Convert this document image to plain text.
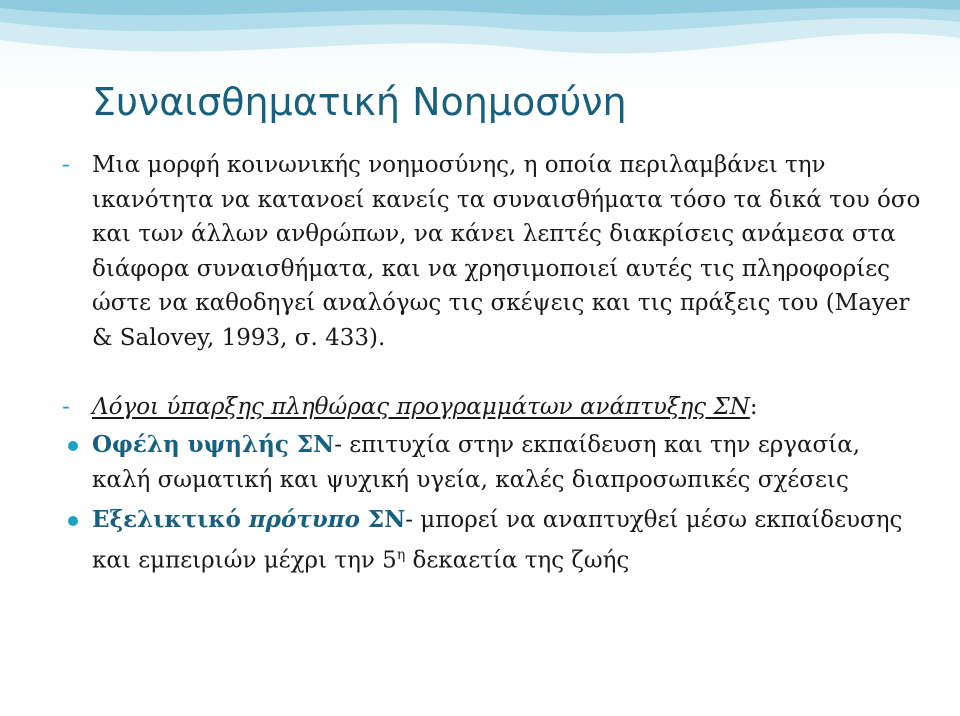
Συναισθηματική Νοημοσύνη
- Μια μορφή κοινωνικής νοημοσύνης, η οποία περιλαμβάνει την ικανότητα να κατανοεί κανείς τα συναισθήματα τόσο τα δικά του όσο και των άλλων ανθρώπων, να κάνει λεπτές διακρίσεις ανάμεσα στα διάφορα συναισθήματα, και να χρησιμοποιεί αυτές τις πληροφορίες ώστε να καθοδηγεί αναλόγως τις σκέψεις και τις πράξεις του (Mayer & Salovey, 1993, σ. 433).
- Λόγοι ύπαρξης πληθώρας προγραμμάτων ανάπτυξης ΣΝ:
Οφέλη υψηλής ΣΝ- επιτυχία στην εκπαίδευση και την εργασία, καλή σωματική και ψυχική υγεία, καλές διαπροσωπικές σχέσεις
Εξελικτικό πρότυπο ΣΝ- μπορεί να αναπτυχθεί μέσω εκπαίδευσης και εμπειριών μέχρι την $5^\eta$ δεκαετία της ζωής
